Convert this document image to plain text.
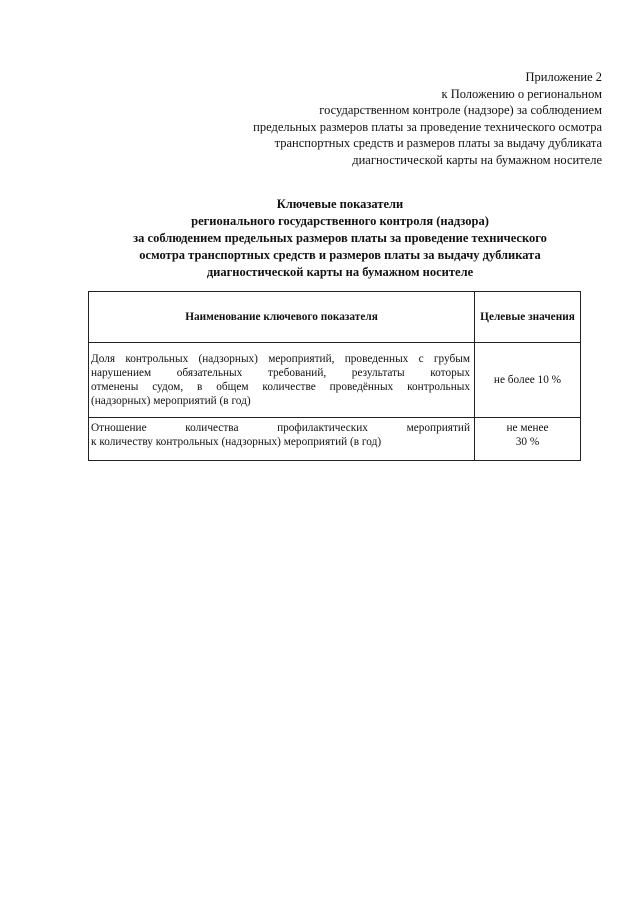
Приложение 2
к Положению о региональном
государственном контроле (надзоре) за соблюдением
предельных размеров платы за проведение технического осмотра
транспортных средств и размеров платы за выдачу дубликата
диагностической карты на бумажном носителе
Ключевые показатели
регионального государственного контроля (надзора)
за соблюдением предельных размеров платы за проведение технического
осмотра транспортных средств и размеров платы за выдачу дубликата
диагностической карты на бумажном носителе
Наименование ключевого показателя	Целевые значения

Доля контрольных (надзорных) мероприятий, проведенных с грубым
нарушением обязательных требований, результаты которых
отменены судом, в общем количестве проведённых контрольных
(надзорных) мероприятий (в год)	не более 10 %

Отношение количества профилактических мероприятий
к количеству контрольных (надзорных) мероприятий (в год)	не менее
30 %
